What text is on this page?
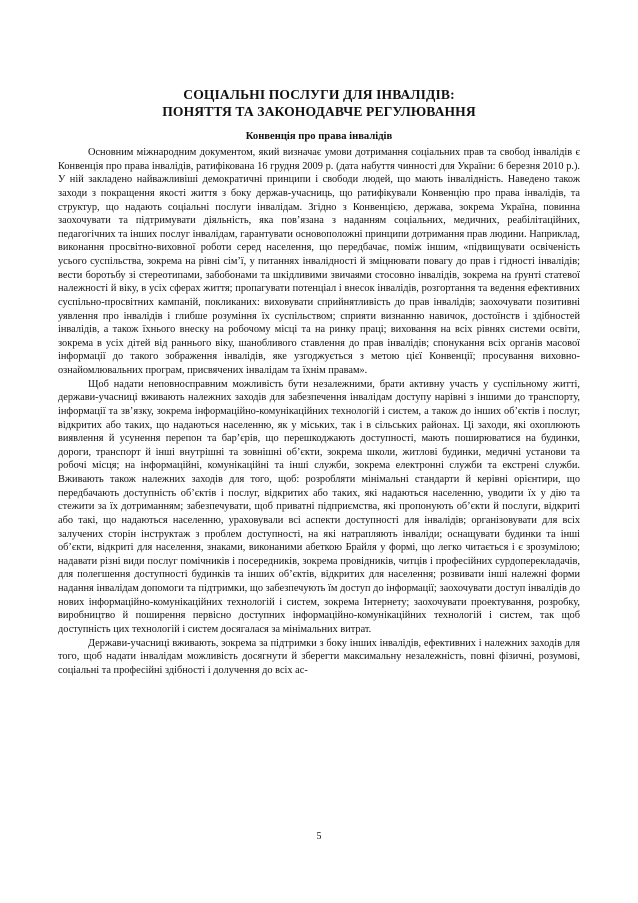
СОЦІАЛЬНІ ПОСЛУГИ ДЛЯ ІНВАЛІДІВ:
ПОНЯТТЯ ТА ЗАКОНОДАВЧЕ РЕГУЛЮВАННЯ
Конвенція про права інвалідів

Основним міжнародним документом, який визначає умови дотримання соціальних прав та свобод інвалідів є Конвенція про права інвалідів, ратифікована 16 грудня 2009 р. (дата набуття чинності для України: 6 березня 2010 р.). У ній закладено найважливіші демократичні принципи і свободи людей, що мають інвалідність. Наведено також заходи з покращення якості життя з боку держав-учасниць, що ратифікували Конвенцію про права інвалідів, та структур, що надають соціальні послуги інвалідам. Згідно з Конвенцією, держава, зокрема Україна, повинна заохочувати та підтримувати діяльність, яка пов’язана з наданням соціальних, медичних, реабілітаційних, педагогічних та інших послуг інвалідам, гарантувати основоположні принципи дотримання прав людини. Наприклад, виконання просвітно-виховної роботи серед населення, що передбачає, поміж іншим, «підвищувати освіченість усього суспільства, зокрема на рівні сім’ї, у питаннях інвалідності й зміцнювати повагу до прав і гідності інвалідів; вести боротьбу зі стереотипами, забобонами та шкідливими звичаями стосовно інвалідів, зокрема на ґрунті статевої належності й віку, в усіх сферах життя; пропагувати потенціал і внесок інвалідів, розгортання та ведення ефективних суспільно-просвітних кампаній, покликаних: виховувати сприйнятливість до прав інвалідів; заохочувати позитивні уявлення про інвалідів і глибше розуміння їх суспільством; сприяти визнанню навичок, достоїнств і здібностей інвалідів, а також їхнього внеску на робочому місці та на ринку праці; виховання на всіх рівнях системи освіти, зокрема в усіх дітей від раннього віку, шанобливого ставлення до прав інвалідів; спонукання всіх органів масової інформації до такого зображення інвалідів, яке узгоджується з метою цієї Конвенції; просування виховно-ознайомлювальних програм, присвячених інвалідам та їхнім правам».

Щоб надати неповносправним можливість бути незалежними, брати активну участь у суспільному житті, держави-учасниці вживають належних заходів для забезпечення інвалідам доступу нарівні з іншими до транспорту, інформації та зв’язку, зокрема інформаційно-комунікаційних технологій і систем, а також до інших об’єктів і послуг, відкритих або таких, що надаються населенню, як у міських, так і в сільських районах. Ці заходи, які охоплюють виявлення й усунення перепон та бар’єрів, що перешкоджають доступності, мають поширюватися на будинки, дороги, транспорт й інші внутрішні та зовнішні об’єкти, зокрема школи, житлові будинки, медичні установи та робочі місця; на інформаційні, комунікаційні та інші служби, зокрема електронні служби та екстрені служби. Вживають також належних заходів для того, щоб: розробляти мінімальні стандарти й керівні орієнтири, що передбачають доступність об’єктів і послуг, відкритих або таких, які надаються населенню, уводити їх у дію та стежити за їх дотриманням; забезпечувати, щоб приватні підприємства, які пропонують об’єкти й послуги, відкриті або такі, що надаються населенню, ураховували всі аспекти доступності для інвалідів; організовувати для всіх залучених сторін інструктаж з проблем доступності, на які натрапляють інваліди; оснащувати будинки та інші об’єкти, відкриті для населення, знаками, виконаними абеткою Брайля у формі, що легко читається і є зрозумілою; надавати різні види послуг помічників і посередників, зокрема провідників, читців і професійних сурдоперекладачів, для полегшення доступності будинків та інших об’єктів, відкритих для населення; розвивати інші належні форми надання інвалідам допомоги та підтримки, що забезпечують їм доступ до інформації; заохочувати доступ інвалідів до нових інформаційно-комунікаційних технологій і систем, зокрема Інтернету; заохочувати проектування, розробку, виробництво й поширення первісно доступних інформаційно-комунікаційних технологій і систем, так щоб доступність цих технологій і систем досягалася за мінімальних витрат.

Держави-учасниці вживають, зокрема за підтримки з боку інших інвалідів, ефективних і належних заходів для того, щоб надати інвалідам можливість досягнути й зберегти максимальну незалежність, повні фізичні, розумові, соціальні та професійні здібності і долучення до всіх ас-

5
